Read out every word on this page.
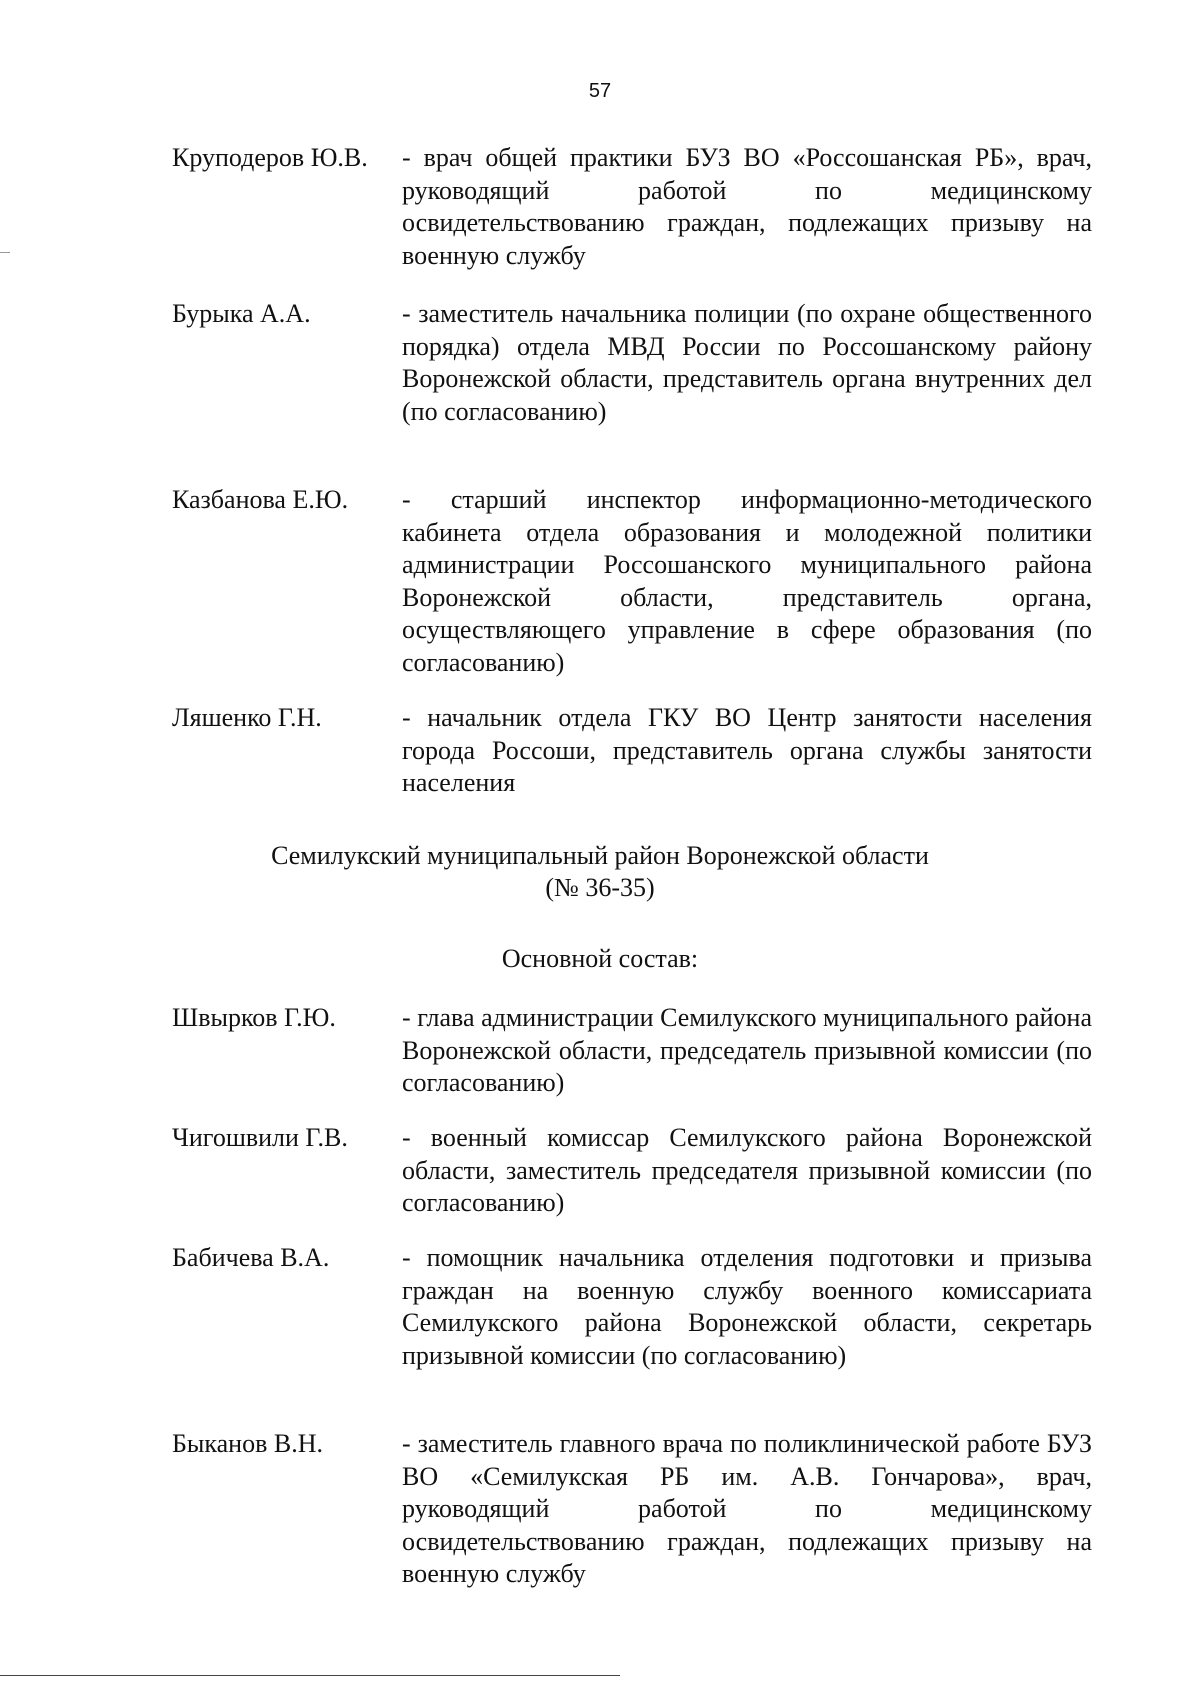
57
Круподеров Ю.В.	- врач общей практики БУЗ ВО «Россошанская РБ», врач, руководящий работой по медицинскому освидетельствованию граждан, подлежащих призыву на военную службу
Бурыка А.А.	- заместитель начальника полиции (по охране общественного порядка) отдела МВД России по Россошанскому району Воронежской области, представитель органа внутренних дел (по согласованию)
Казбанова Е.Ю.	- старший инспектор информационно-методического кабинета отдела образования и молодежной политики администрации Россошанского муниципального района Воронежской области, представитель органа, осуществляющего управление в сфере образования (по согласованию)
Ляшенко Г.Н.	- начальник отдела ГКУ ВО Центр занятости населения города Россоши, представитель органа службы занятости населения
Семилукский муниципальный район Воронежской области
(№ 36-35)
Основной состав:
Швырков Г.Ю.	- глава администрации Семилукского муниципального района Воронежской области, председатель призывной комиссии (по согласованию)
Чигошвили Г.В.	- военный комиссар Семилукского района Воронежской области, заместитель председателя призывной комиссии (по согласованию)
Бабичева В.А.	- помощник начальника отделения подготовки и призыва граждан на военную службу военного комиссариата Семилукского района Воронежской области, секретарь призывной комиссии (по согласованию)
Быканов В.Н.	- заместитель главного врача по поликлинической работе БУЗ ВО «Семилукская РБ им. А.В. Гончарова», врач, руководящий работой по медицинскому освидетельствованию граждан, подлежащих призыву на военную службу
